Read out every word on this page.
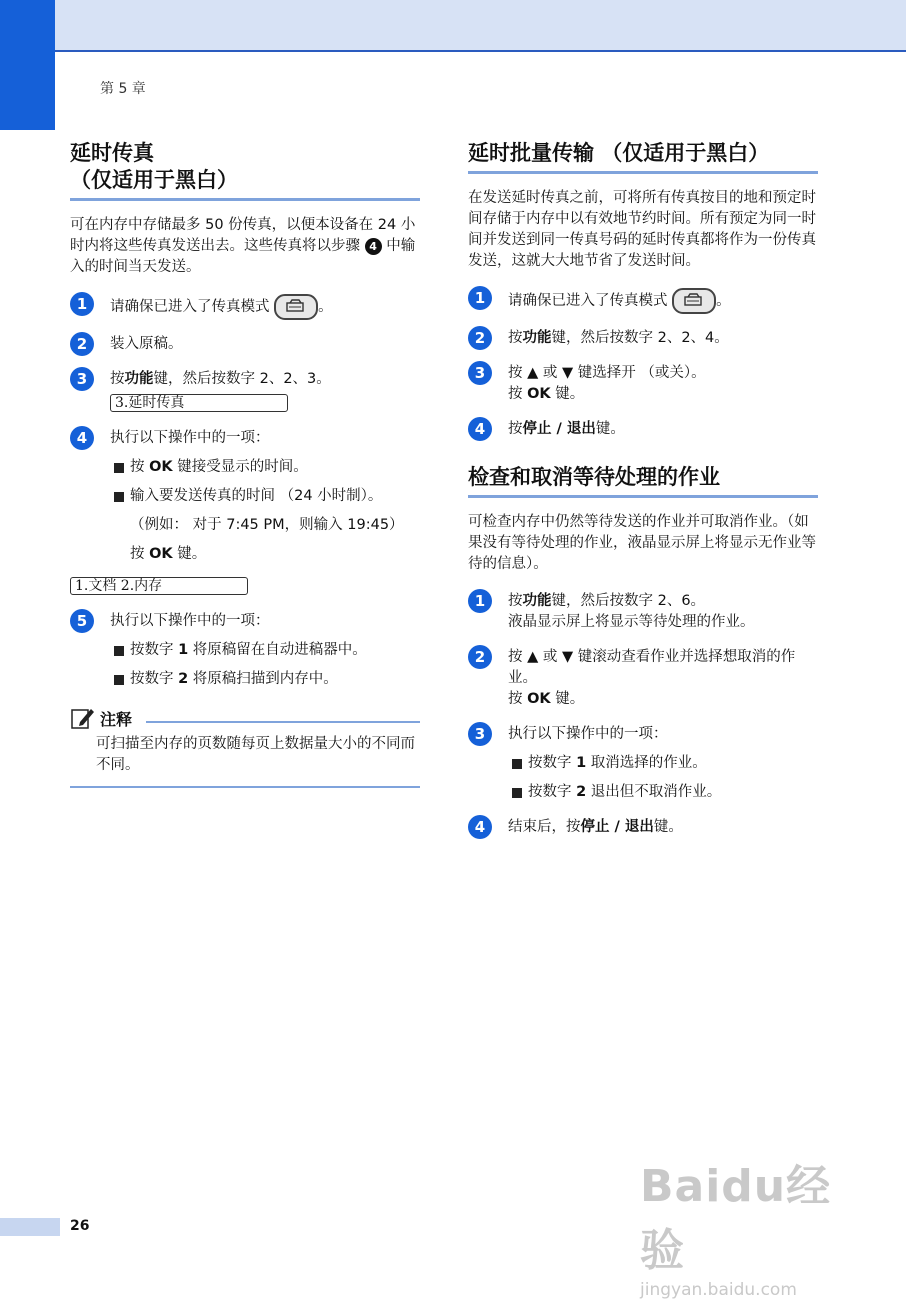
第 5 章
延时传真
（仅适用于黑白）

可在内存中存储最多 50 份传真，以便本设备在 24 小时内将这些传真发送出去。这些传真将以步骤 4 中输入的时间当天发送。

1	请确保已进入了传真模式	。
2	装入原稿。
3	按功能键，然后按数字 2、2、3。
3.延时传真
4	执行以下操作中的一项：
按 OK 键接受显示的时间。
输入要发送传真的时间 （24 小时制）。
（例如： 对于 7:45 PM，则输入 19:45）
按 OK 键。
1.文档 2.内存
5	执行以下操作中的一项：
按数字 1 将原稿留在自动进稿器中。
按数字 2 将原稿扫描到内存中。
注释
可扫描至内存的页数随每页上数据量大小的不同而不同。
延时批量传输 （仅适用于黑白）

在发送延时传真之前，可将所有传真按目的地和预定时间存储于内存中以有效地节约时间。所有预定为同一时间并发送到同一传真号码的延时传真都将作为一份传真发送，这就大大地节省了发送时间。

1	请确保已进入了传真模式	。
2	按功能键，然后按数字 2、2、4。
3	按 ▲ 或 ▼ 键选择开 （或关）。
按 OK 键。
4	按停止 / 退出键。
检查和取消等待处理的作业

可检查内存中仍然等待发送的作业并可取消作业。（如果没有等待处理的作业，液晶显示屏上将显示无作业等待的信息）。

1	按功能键，然后按数字 2、6。
液晶显示屏上将显示等待处理的作业。
2	按 ▲ 或 ▼ 键滚动查看作业并选择想取消的作业。
按 OK 键。
3	执行以下操作中的一项：
按数字 1 取消选择的作业。
按数字 2 退出但不取消作业。
4	结束后，按停止 / 退出键。
26
Baidu经验
jingyan.baidu.com
